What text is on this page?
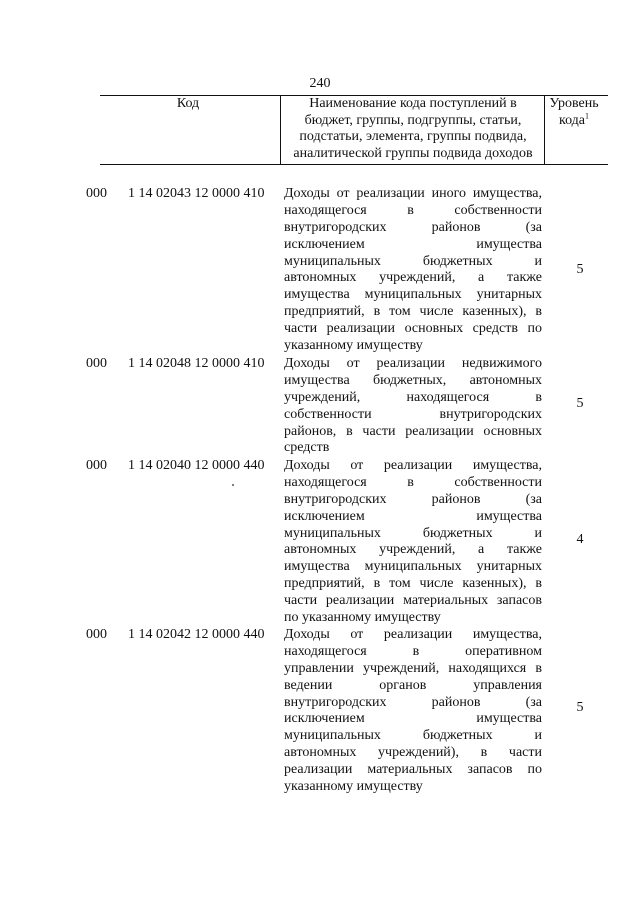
240
Код	Наименование кода поступлений в
бюджет, группы, подгруппы, статьи,
подстатьи, элемента, группы подвида,
аналитической группы подвида доходов
Уровень
кода$^1$
000 1 14 02043 12 0000 410 Доходы от реализации иного имущества,
находящегося в собственности
внутригородских районов (за
исключением имущества
муниципальных бюджетных и
автономных учреждений, а также
имущества муниципальных унитарных
предприятий, в том числе казенных), в
части реализации основных средств по
указанному имуществу
5
000 1 14 02048 12 0000 410 Доходы от реализации недвижимого
имущества бюджетных, автономных
учреждений, находящегося в
собственности внутригородских
районов, в части реализации основных
средств
5
000 1 14 02040 12 0000 440 Доходы от реализации имущества,
находящегося в собственности
внутригородских районов (за
исключением имущества
муниципальных бюджетных и
автономных учреждений, а также
имущества муниципальных унитарных
предприятий, в том числе казенных), в
части реализации материальных запасов
по указанному имуществу
4
000 1 14 02042 12 0000 440 Доходы от реализации имущества,
находящегося в оперативном
управлении учреждений, находящихся в
ведении органов управления
внутригородских районов (за
исключением имущества
муниципальных бюджетных и
автономных учреждений), в части
реализации материальных запасов по
указанному имуществу
5
